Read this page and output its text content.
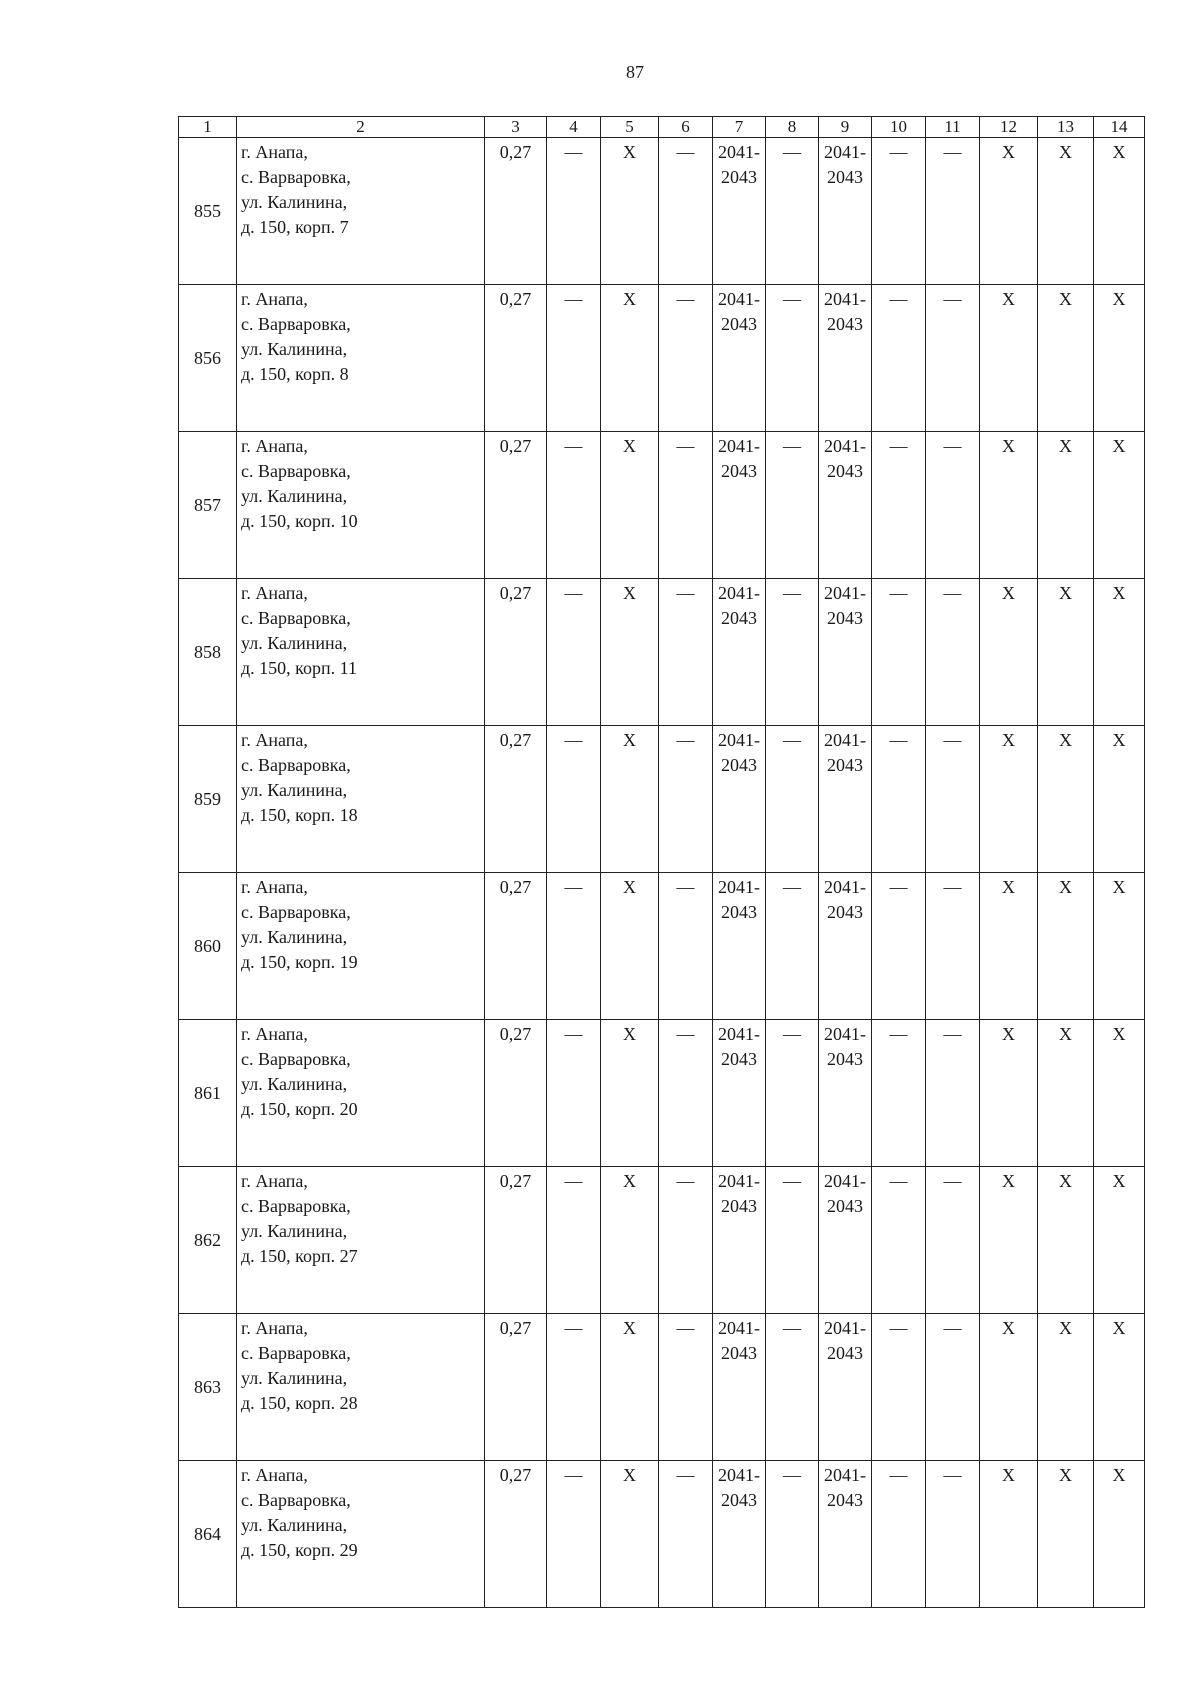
87
1	2	3	4	5	6	7	8	9	10	11	12	13	14
855	г. Анапа,
с. Варваровка,
ул. Калинина,
д. 150, корп. 7	0,27	—	Х	—	2041-
2043	—	2041-
2043	—	—	Х	Х	Х
856	г. Анапа,
с. Варваровка,
ул. Калинина,
д. 150, корп. 8	0,27	—	Х	—	2041-
2043	—	2041-
2043	—	—	Х	Х	Х
857	г. Анапа,
с. Варваровка,
ул. Калинина,
д. 150, корп. 10	0,27	—	Х	—	2041-
2043	—	2041-
2043	—	—	Х	Х	Х
858	г. Анапа,
с. Варваровка,
ул. Калинина,
д. 150, корп. 11	0,27	—	Х	—	2041-
2043	—	2041-
2043	—	—	Х	Х	Х
859	г. Анапа,
с. Варваровка,
ул. Калинина,
д. 150, корп. 18	0,27	—	Х	—	2041-
2043	—	2041-
2043	—	—	Х	Х	Х
860	г. Анапа,
с. Варваровка,
ул. Калинина,
д. 150, корп. 19	0,27	—	Х	—	2041-
2043	—	2041-
2043	—	—	Х	Х	Х
861	г. Анапа,
с. Варваровка,
ул. Калинина,
д. 150, корп. 20	0,27	—	Х	—	2041-
2043	—	2041-
2043	—	—	Х	Х	Х
862	г. Анапа,
с. Варваровка,
ул. Калинина,
д. 150, корп. 27	0,27	—	Х	—	2041-
2043	—	2041-
2043	—	—	Х	Х	Х
863	г. Анапа,
с. Варваровка,
ул. Калинина,
д. 150, корп. 28	0,27	—	Х	—	2041-
2043	—	2041-
2043	—	—	Х	Х	Х
864	г. Анапа,
с. Варваровка,
ул. Калинина,
д. 150, корп. 29	0,27	—	Х	—	2041-
2043	—	2041-
2043	—	—	Х	Х	Х
